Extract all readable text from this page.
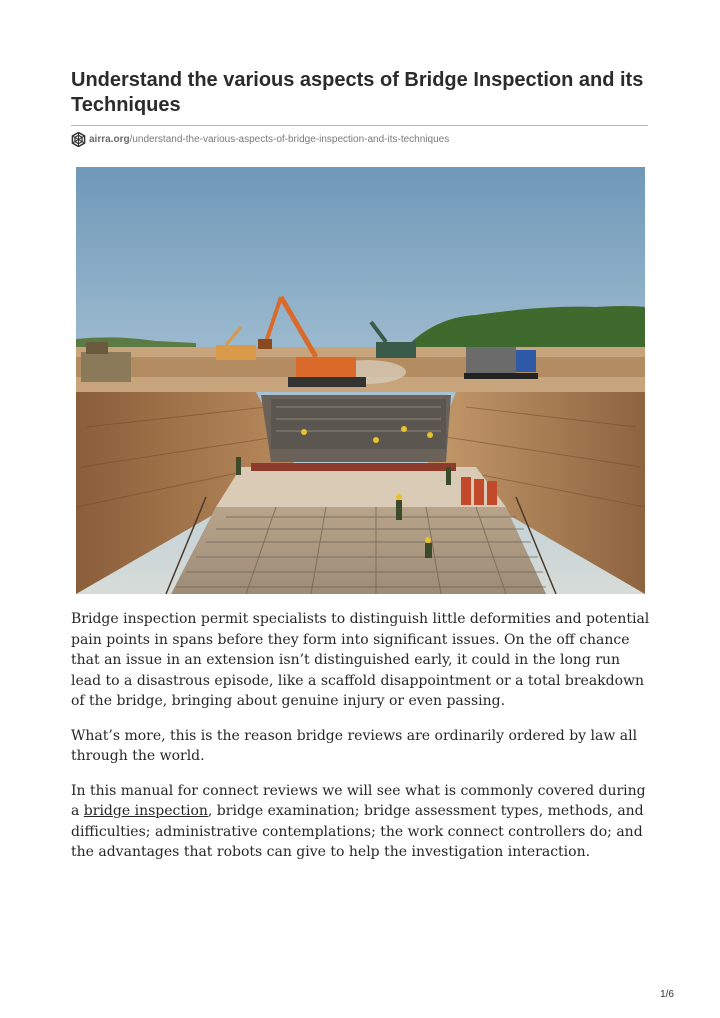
Understand the various aspects of Bridge Inspection and its Techniques
airra.org/understand-the-various-aspects-of-bridge-inspection-and-its-techniques

Bridge inspection permit specialists to distinguish little deformities and potential pain points in spans before they form into significant issues. On the off chance that an issue in an extension isn’t distinguished early, it could in the long run lead to a disastrous episode, like a scaffold disappointment or a total breakdown of the bridge, bringing about genuine injury or even passing.

What’s more, this is the reason bridge reviews are ordinarily ordered by law all through the world.

In this manual for connect reviews we will see what is commonly covered during a bridge inspection, bridge examination; bridge assessment types, methods, and difficulties; administrative contemplations; the work connect controllers do; and the advantages that robots can give to help the investigation interaction.

1/6
